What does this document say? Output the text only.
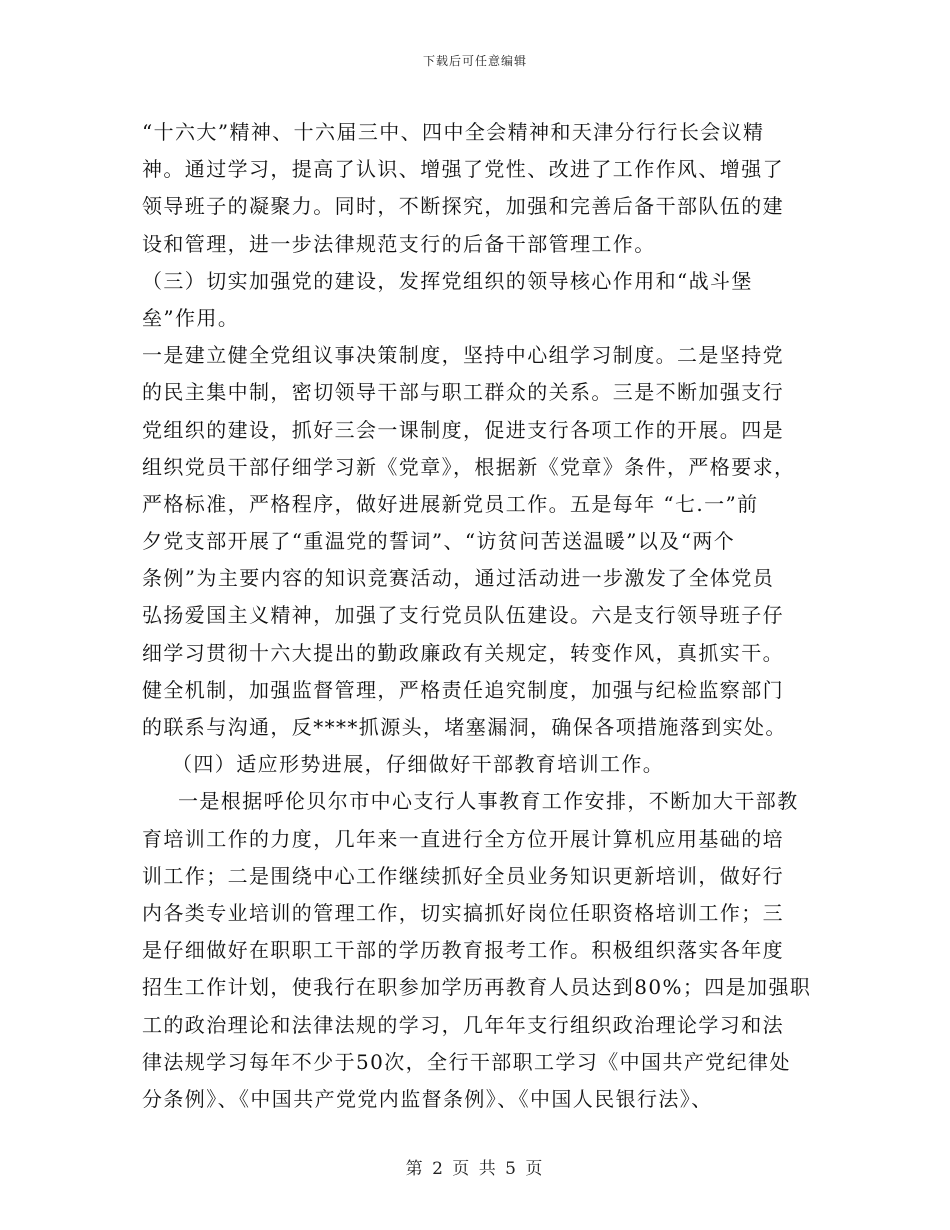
下载后可任意编辑
“十六大”精神、十六届三中、四中全会精神和天津分行行长会议精
神。通过学习，提高了认识、增强了党性、改进了工作作风、增强了
领导班子的凝聚力。同时，不断探究，加强和完善后备干部队伍的建
设和管理，进一步法律规范支行的后备干部管理工作。
（三）切实加强党的建设，发挥党组织的领导核心作用和“战斗堡
垒”作用。
一是建立健全党组议事决策制度，坚持中心组学习制度。二是坚持党
的民主集中制，密切领导干部与职工群众的关系。三是不断加强支行
党组织的建设，抓好三会一课制度，促进支行各项工作的开展。四是
组织党员干部仔细学习新《党章》，根据新《党章》条件，严格要求，
严格标准，严格程序，做好进展新党员工作。五是每年 “七.一”前
夕党支部开展了“重温党的誓词”、“访贫问苦送温暖”以及“两个
条例”为主要内容的知识竞赛活动，通过活动进一步激发了全体党员
弘扬爱国主义精神，加强了支行党员队伍建设。六是支行领导班子仔
细学习贯彻十六大提出的勤政廉政有关规定，转变作风，真抓实干。
健全机制，加强监督管理，严格责任追究制度，加强与纪检监察部门
的联系与沟通，反****抓源头，堵塞漏洞，确保各项措施落到实处。
（四）适应形势进展，仔细做好干部教育培训工作。
一是根据呼伦贝尔市中心支行人事教育工作安排，不断加大干部教
育培训工作的力度，几年来一直进行全方位开展计算机应用基础的培
训工作；二是围绕中心工作继续抓好全员业务知识更新培训，做好行
内各类专业培训的管理工作，切实搞抓好岗位任职资格培训工作；三
是仔细做好在职职工干部的学历教育报考工作。积极组织落实各年度
招生工作计划，使我行在职参加学历再教育人员达到80%；四是加强职
工的政治理论和法律法规的学习，几年年支行组织政治理论学习和法
律法规学习每年不少于50次，全行干部职工学习《中国共产党纪律处
分条例》、《中国共产党党内监督条例》、《中国人民银行法》、
第 2 页 共 5 页
